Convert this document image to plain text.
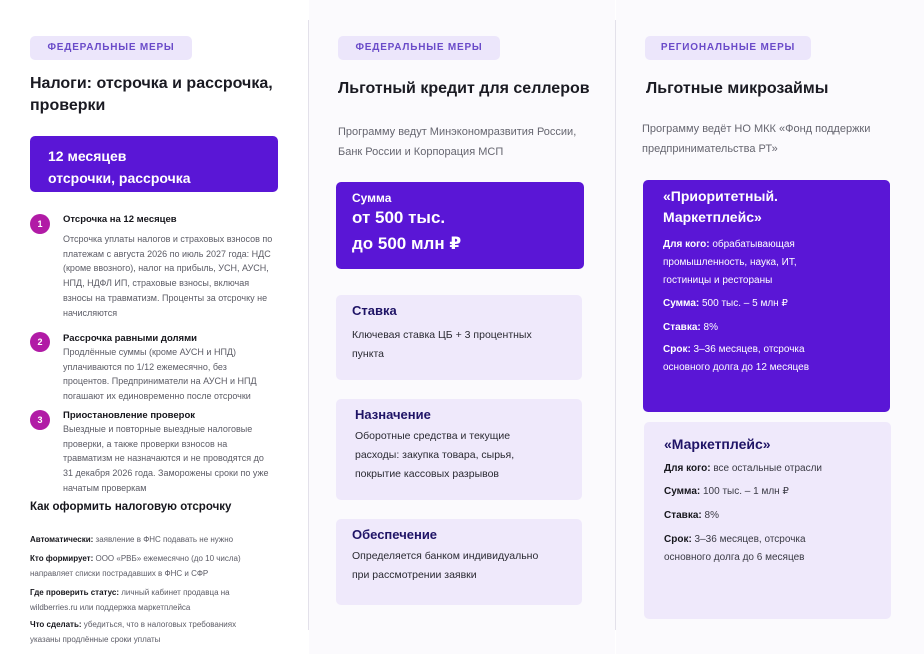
ФЕДЕРАЛЬНЫЕ МЕРЫ
Налоги: отсрочка и рассрочка,
проверки
12 месяцев
отсрочки, рассрочка
1	Отсрочка на 12 месяцев
Отсрочка уплаты налогов и страховых взносов по
платежам с августа 2026 по июль 2027 года: НДС
(кроме ввозного), налог на прибыль, УСН, АУСН,
НПД, НДФЛ ИП, страховые взносы, включая
взносы на травматизм. Проценты за отсрочку не
начисляются
2	Рассрочка равными долями
Продлённые суммы (кроме АУСН и НПД)
уплачиваются по 1/12 ежемесячно, без
процентов. Предприниматели на АУСН и НПД
погашают их единовременно после отсрочки
3	Приостановление проверок
Выездные и повторные выездные налоговые
проверки, а также проверки взносов на
травматизм не назначаются и не проводятся до
31 декабря 2026 года. Заморожены сроки по уже
начатым проверкам
Как оформить налоговую отсрочку
Автоматически: заявление в ФНС подавать не нужно
Кто формирует: ООО «РВБ» ежемесячно (до 10 числа)
направляет списки пострадавших в ФНС и СФР
Где проверить статус: личный кабинет продавца на
wildberries.ru или поддержка маркетплейса
Что сделать: убедиться, что в налоговых требованиях
указаны продлённые сроки уплаты
ФЕДЕРАЛЬНЫЕ МЕРЫ
Льготный кредит для селлеров
Программу ведут Минэкономразвития России,
Банк России и Корпорация МСП
Сумма
от 500 тыс.
до 500 млн ₽
Ставка
Ключевая ставка ЦБ + 3 процентных
пункта
Назначение
Оборотные средства и текущие
расходы: закупка товара, сырья,
покрытие кассовых разрывов
Обеспечение
Определяется банком индивидуально
при рассмотрении заявки
РЕГИОНАЛЬНЫЕ МЕРЫ
Льготные микрозаймы
Программу ведёт НО МКК «Фонд поддержки
предпринимательства РТ»
«Приоритетный.
Маркетплейс»
Для кого: обрабатывающая
промышленность, наука, ИТ,
гостиницы и рестораны
Сумма: 500 тыс. – 5 млн ₽
Ставка: 8%
Срок: 3–36 месяцев, отсрочка
основного долга до 12 месяцев
«Маркетплейс»
Для кого: все остальные отрасли
Сумма: 100 тыс. – 1 млн ₽
Ставка: 8%
Срок: 3–36 месяцев, отсрочка
основного долга до 6 месяцев
